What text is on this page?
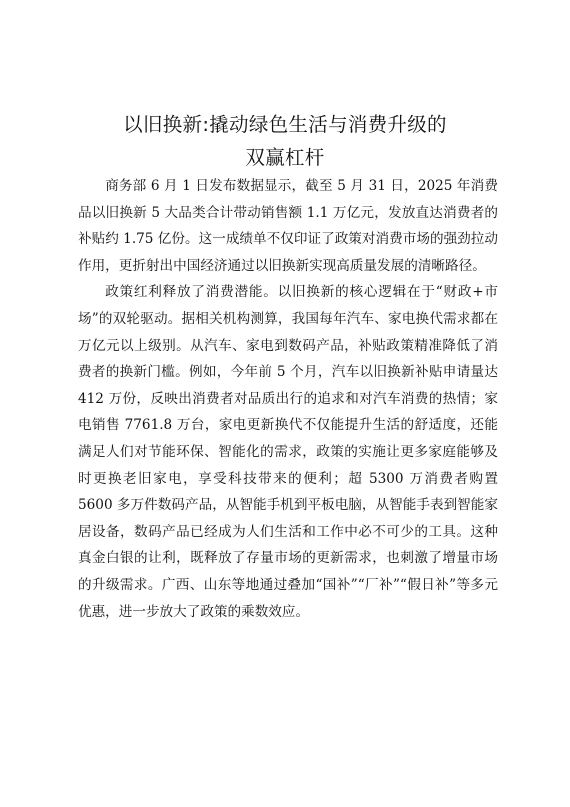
以旧换新:撬动绿色生活与消费升级的
双赢杠杆

商务部 6 月 1 日发布数据显示，截至 5 月 31 日，2025 年消费品以旧换新 5 大品类合计带动销售额 1.1 万亿元，发放直达消费者的补贴约 1.75 亿份。这一成绩单不仅印证了政策对消费市场的强劲拉动作用，更折射出中国经济通过以旧换新实现高质量发展的清晰路径。

政策红利释放了消费潜能。以旧换新的核心逻辑在于“财政+市场”的双轮驱动。据相关机构测算，我国每年汽车、家电换代需求都在万亿元以上级别。从汽车、家电到数码产品，补贴政策精准降低了消费者的换新门槛。例如，今年前 5 个月，汽车以旧换新补贴申请量达 412 万份，反映出消费者对品质出行的追求和对汽车消费的热情；家电销售 7761.8 万台，家电更新换代不仅能提升生活的舒适度，还能满足人们对节能环保、智能化的需求，政策的实施让更多家庭能够及时更换老旧家电，享受科技带来的便利；超 5300 万消费者购置 5600 多万件数码产品，从智能手机到平板电脑，从智能手表到智能家居设备，数码产品已经成为人们生活和工作中必不可少的工具。这种真金白银的让利，既释放了存量市场的更新需求，也刺激了增量市场的升级需求。广西、山东等地通过叠加“国补”“厂补”“假日补”等多元优惠，进一步放大了政策的乘数效应。
